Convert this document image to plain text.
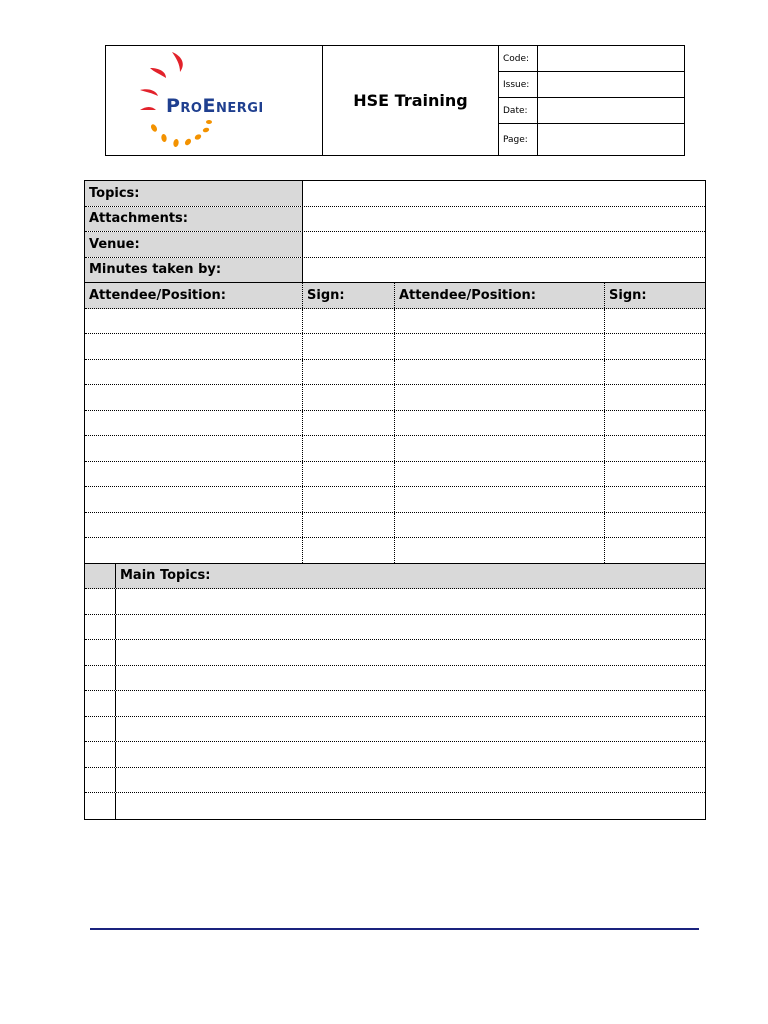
ProEnergi	HSE Training
Code:
Issue:
Date:
Page:
Topics:
Attachments:
Venue:
Minutes taken by:
Attendee/Position:	Sign:	Attendee/Position:	Sign:
Main Topics:
